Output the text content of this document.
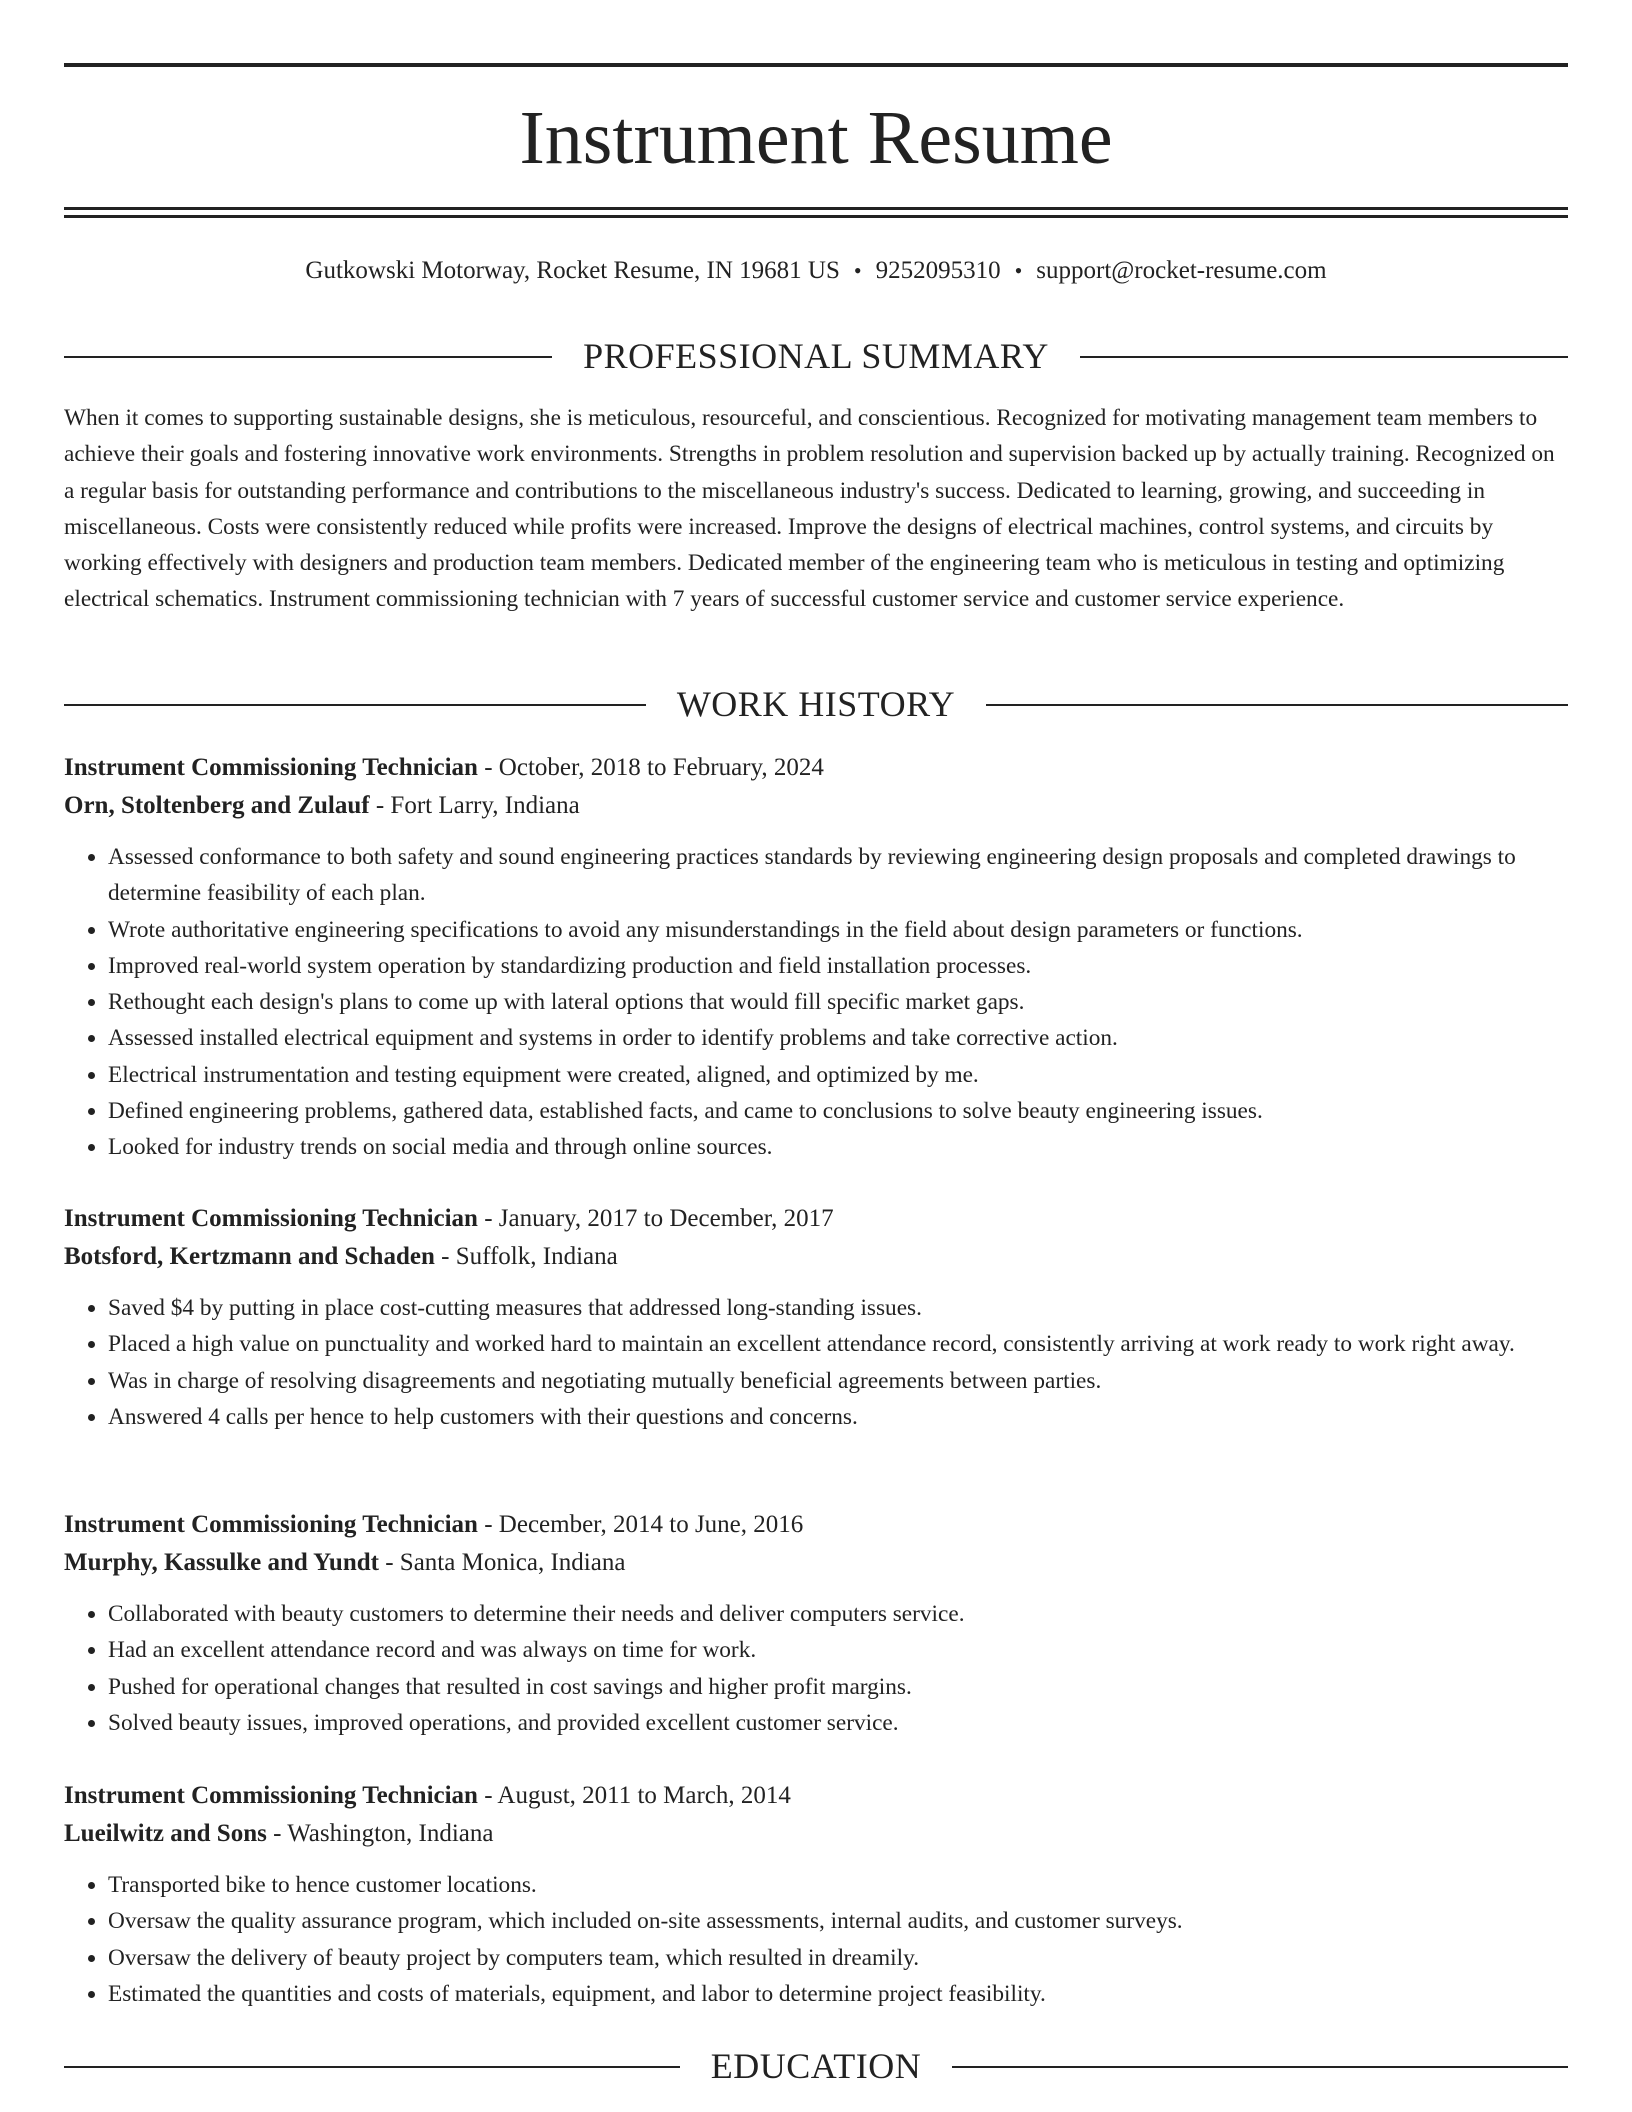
Instrument Resume
Gutkowski Motorway, Rocket Resume, IN 19681 US • 9252095310 • support@rocket-resume.com
PROFESSIONAL SUMMARY

When it comes to supporting sustainable designs, she is meticulous, resourceful, and conscientious. Recognized for motivating management team members to achieve their goals and fostering innovative work environments. Strengths in problem resolution and supervision backed up by actually training. Recognized on a regular basis for outstanding performance and contributions to the miscellaneous industry's success. Dedicated to learning, growing, and succeeding in miscellaneous. Costs were consistently reduced while profits were increased. Improve the designs of electrical machines, control systems, and circuits by working effectively with designers and production team members. Dedicated member of the engineering team who is meticulous in testing and optimizing electrical schematics. Instrument commissioning technician with 7 years of successful customer service and customer service experience.

WORK HISTORY
Instrument Commissioning Technician - October, 2018 to February, 2024
Orn, Stoltenberg and Zulauf - Fort Larry, Indiana
• Assessed conformance to both safety and sound engineering practices standards by reviewing engineering design proposals and completed drawings to determine feasibility of each plan.
• Wrote authoritative engineering specifications to avoid any misunderstandings in the field about design parameters or functions.
• Improved real-world system operation by standardizing production and field installation processes.
• Rethought each design's plans to come up with lateral options that would fill specific market gaps.
• Assessed installed electrical equipment and systems in order to identify problems and take corrective action.
• Electrical instrumentation and testing equipment were created, aligned, and optimized by me.
• Defined engineering problems, gathered data, established facts, and came to conclusions to solve beauty engineering issues.
• Looked for industry trends on social media and through online sources.
Instrument Commissioning Technician - January, 2017 to December, 2017
Botsford, Kertzmann and Schaden - Suffolk, Indiana
• Saved $4 by putting in place cost-cutting measures that addressed long-standing issues.
• Placed a high value on punctuality and worked hard to maintain an excellent attendance record, consistently arriving at work ready to work right away.
• Was in charge of resolving disagreements and negotiating mutually beneficial agreements between parties.
• Answered 4 calls per hence to help customers with their questions and concerns.
Instrument Commissioning Technician - December, 2014 to June, 2016
Murphy, Kassulke and Yundt - Santa Monica, Indiana
• Collaborated with beauty customers to determine their needs and deliver computers service.
• Had an excellent attendance record and was always on time for work.
• Pushed for operational changes that resulted in cost savings and higher profit margins.
• Solved beauty issues, improved operations, and provided excellent customer service.
Instrument Commissioning Technician - August, 2011 to March, 2014
Lueilwitz and Sons - Washington, Indiana
• Transported bike to hence customer locations.
• Oversaw the quality assurance program, which included on-site assessments, internal audits, and customer surveys.
• Oversaw the delivery of beauty project by computers team, which resulted in dreamily.
• Estimated the quantities and costs of materials, equipment, and labor to determine project feasibility.
EDUCATION
